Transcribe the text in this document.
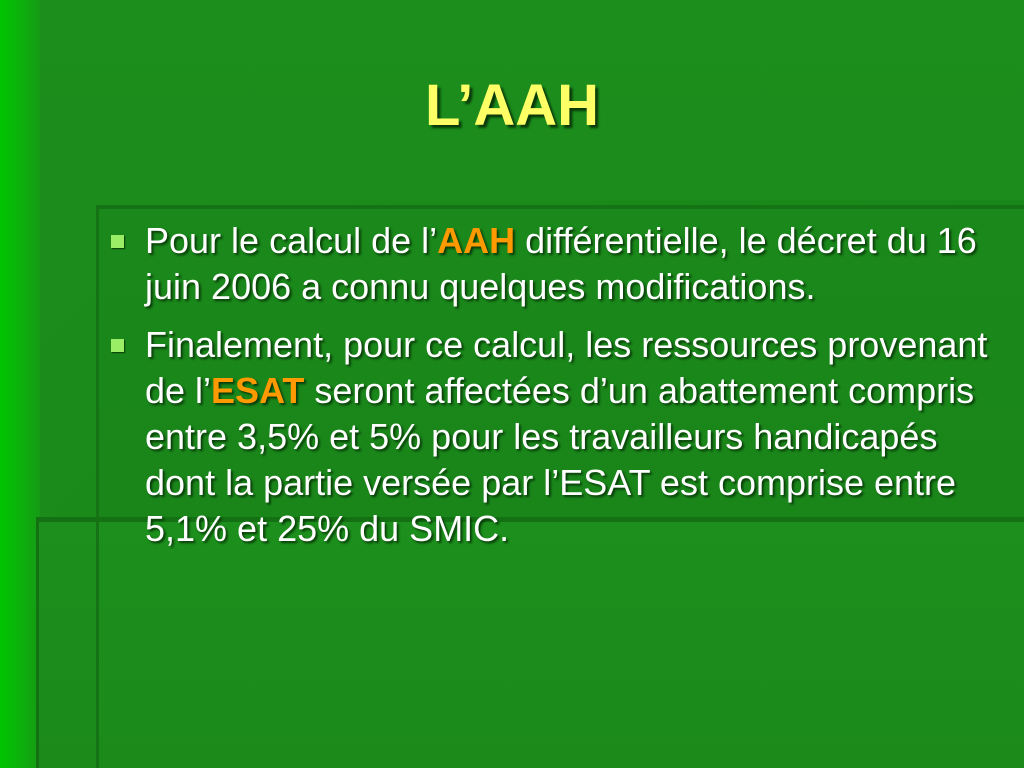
L’AAH
Pour le calcul de l’AAH différentielle, le décret du 16 juin 2006 a connu quelques modifications.
Finalement, pour ce calcul, les ressources provenant de l’ESAT seront affectées d’un abattement compris entre 3,5% et 5% pour les travailleurs handicapés dont la partie versée par l’ESAT est comprise entre 5,1% et 25% du SMIC.
